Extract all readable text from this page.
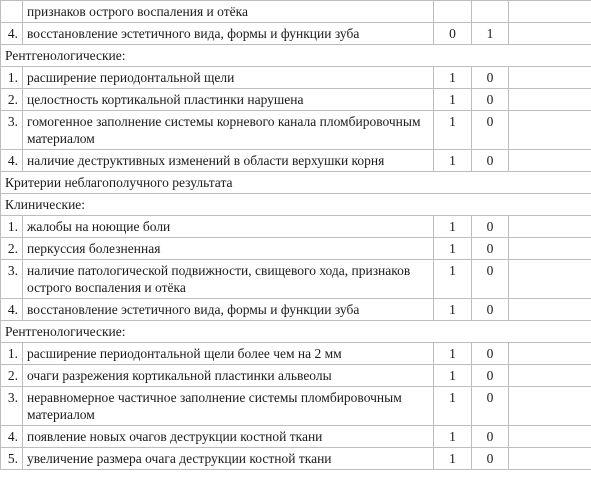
	признаков острого воспаления и отёка			
4.	восстановление эстетичного вида, формы и функции зуба	0	1	
Рентгенологические:				
1.	расширение периодонтальной щели	1	0	
2.	целостность кортикальной пластинки нарушена	1	0	
3.	гомогенное заполнение системы корневого канала пломбировочным материалом	1	0	
4.	наличие деструктивных изменений в области верхушки корня	1	0	
Критерии неблагополучного результата				
Клинические:				
1.	жалобы на ноющие боли	1	0	
2.	перкуссия болезненная	1	0	
3.	наличие патологической подвижности, свищевого хода, признаков острого воспаления и отёка	1	0	
4.	восстановление эстетичного вида, формы и функции зуба	1	0	
Рентгенологические:				
1.	расширение периодонтальной щели более чем на 2 мм	1	0	
2.	очаги разрежения кортикальной пластинки альвеолы	1	0	
3.	неравномерное частичное заполнение системы пломбировочным материалом	1	0	
4.	появление новых очагов деструкции костной ткани	1	0	
5.	увеличение размера очага деструкции костной ткани	1	0	
